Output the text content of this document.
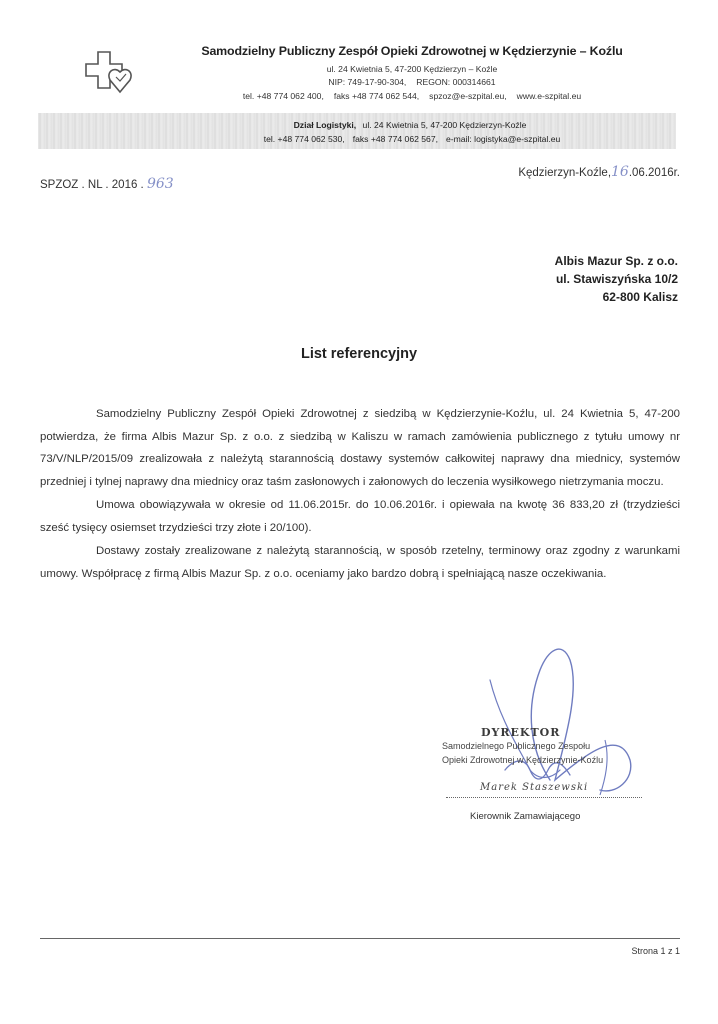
Samodzielny Publiczny Zespół Opieki Zdrowotnej w Kędzierzynie – Koźlu
ul. 24 Kwietnia 5, 47-200 Kędzierzyn – Koźle
NIP: 749-17-90-304, REGON: 000314661
tel. +48 774 062 400, faks +48 774 062 544, spzoz@e-szpital.eu, www.e-szpital.eu
Dział Logistyki, ul. 24 Kwietnia 5, 47-200 Kędzierzyn-Koźle
tel. +48 774 062 530, faks +48 774 062 567, e-mail: logistyka@e-szpital.eu
SPZOZ . NL . 2016 . 963
Kędzierzyn-Koźle,16.06.2016r.
Albis Mazur Sp. z o.o.
ul. Stawiszyńska 10/2
62-800 Kalisz
List referencyjny

Samodzielny Publiczny Zespół Opieki Zdrowotnej z siedzibą w Kędzierzynie-Koźlu, ul. 24 Kwietnia 5, 47-200 potwierdza, że firma Albis Mazur Sp. z o.o. z siedzibą w Kaliszu w ramach zamówienia publicznego z tytułu umowy nr 73/V/NLP/2015/09 zrealizowała z należytą starannością dostawy systemów całkowitej naprawy dna miednicy, systemów przedniej i tylnej naprawy dna miednicy oraz taśm zasłonowych i załonowych do leczenia wysiłkowego nietrzymania moczu.

Umowa obowiązywała w okresie od 11.06.2015r. do 10.06.2016r. i opiewała na kwotę 36 833,20 zł (trzydzieści sześć tysięcy osiemset trzydzieści trzy złote i 20/100).

Dostawy zostały zrealizowane z należytą starannością, w sposób rzetelny, terminowy oraz zgodny z warunkami umowy. Współpracę z firmą Albis Mazur Sp. z o.o. oceniamy jako bardzo dobrą i spełniającą nasze oczekiwania.

DYREKTOR
Samodzielnego Publicznego Zespołu
Opieki Zdrowotnej w Kędzierzynie-Koźlu
Marek Staszewski
Kierownik Zamawiającego
Strona 1 z 1
